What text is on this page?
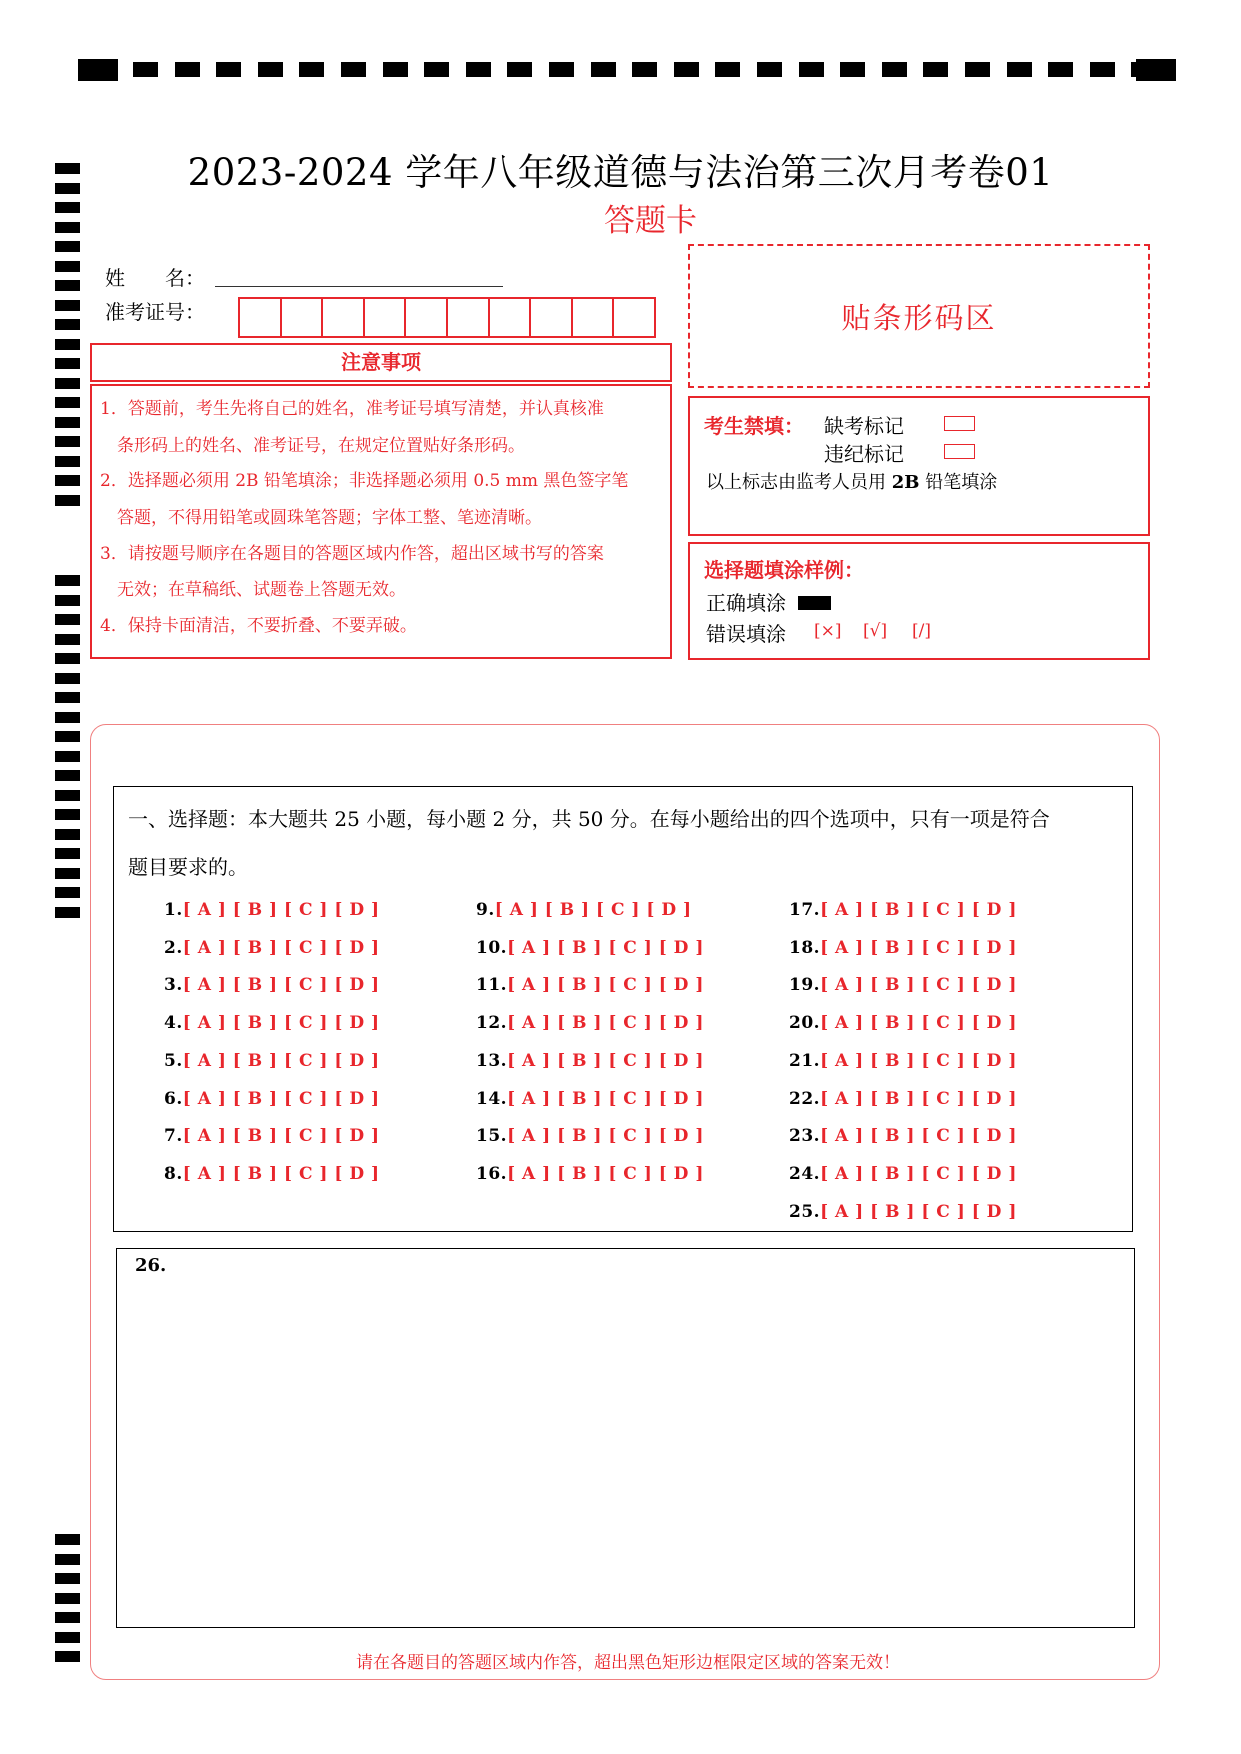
2023-2024 学年八年级道德与法治第三次月考卷01
答题卡
姓　　名：
准考证号：
注意事项
1．答题前，考生先将自己的姓名，准考证号填写清楚，并认真核准
　条形码上的姓名、准考证号，在规定位置贴好条形码。
2．选择题必须用 2B 铅笔填涂；非选择题必须用 0.5 mm 黑色签字笔
　答题，不得用铅笔或圆珠笔答题；字体工整、笔迹清晰。
3．请按题号顺序在各题目的答题区域内作答，超出区域书写的答案
　无效；在草稿纸、试题卷上答题无效。
4．保持卡面清洁，不要折叠、不要弄破。
贴条形码区
考生禁填： 缺考标记
违纪标记
以上标志由监考人员用 2B 铅笔填涂
选择题填涂样例：
正确填涂
错误填涂 [×] [√] [/]
一、选择题：本大题共 25 小题，每小题 2 分，共 50 分。在每小题给出的四个选项中，只有一项是符合
题目要求的。
1.[ A ] [ B ] [ C ] [ D ]
2.[ A ] [ B ] [ C ] [ D ]
3.[ A ] [ B ] [ C ] [ D ]
4.[ A ] [ B ] [ C ] [ D ]
5.[ A ] [ B ] [ C ] [ D ]
6.[ A ] [ B ] [ C ] [ D ]
7.[ A ] [ B ] [ C ] [ D ]
8.[ A ] [ B ] [ C ] [ D ]
9.[ A ] [ B ] [ C ] [ D ]
10.[ A ] [ B ] [ C ] [ D ]
11.[ A ] [ B ] [ C ] [ D ]
12.[ A ] [ B ] [ C ] [ D ]
13.[ A ] [ B ] [ C ] [ D ]
14.[ A ] [ B ] [ C ] [ D ]
15.[ A ] [ B ] [ C ] [ D ]
16.[ A ] [ B ] [ C ] [ D ]
17.[ A ] [ B ] [ C ] [ D ]
18.[ A ] [ B ] [ C ] [ D ]
19.[ A ] [ B ] [ C ] [ D ]
20.[ A ] [ B ] [ C ] [ D ]
21.[ A ] [ B ] [ C ] [ D ]
22.[ A ] [ B ] [ C ] [ D ]
23.[ A ] [ B ] [ C ] [ D ]
24.[ A ] [ B ] [ C ] [ D ]
25.[ A ] [ B ] [ C ] [ D ]
26.
请在各题目的答题区域内作答，超出黑色矩形边框限定区域的答案无效！
